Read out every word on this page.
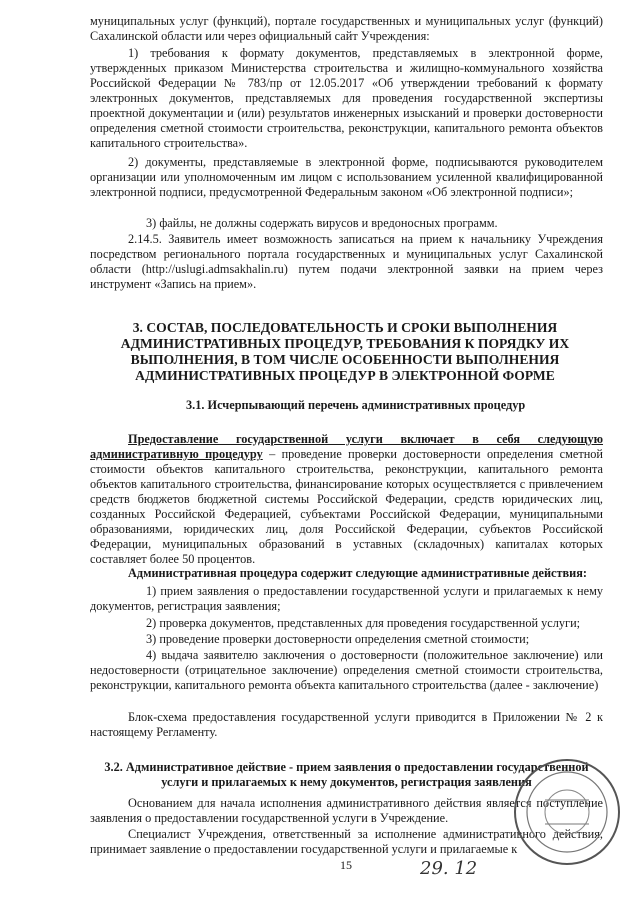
муниципальных услуг (функций), портале государственных и муниципальных услуг (функций) Сахалинской области или через официальный сайт Учреждения:
1) требования к формату документов, представляемых в электронной форме, утвержденных приказом Министерства строительства и жилищно-коммунального хозяйства Российской Федерации № 783/пр от 12.05.2017 «Об утверждении требований к формату электронных документов, представляемых для проведения государственной экспертизы проектной документации и (или) результатов инженерных изысканий и проверки достоверности определения сметной стоимости строительства, реконструкции, капитального ремонта объектов капитального строительства».
2) документы, представляемые в электронной форме, подписываются руководителем организации или уполномоченным им лицом с использованием усиленной квалифицированной электронной подписи, предусмотренной Федеральным законом «Об электронной подписи»;
3) файлы, не должны содержать вирусов и вредоносных программ.
2.14.5. Заявитель имеет возможность записаться на прием к начальнику Учреждения посредством регионального портала государственных и муниципальных услуг Сахалинской области (http://uslugi.admsakhalin.ru) путем подачи электронной заявки на прием через инструмент «Запись на прием».
3. СОСТАВ, ПОСЛЕДОВАТЕЛЬНОСТЬ И СРОКИ ВЫПОЛНЕНИЯ АДМИНИСТРАТИВНЫХ ПРОЦЕДУР, ТРЕБОВАНИЯ К ПОРЯДКУ ИХ ВЫПОЛНЕНИЯ, В ТОМ ЧИСЛЕ ОСОБЕННОСТИ ВЫПОЛНЕНИЯ АДМИНИСТРАТИВНЫХ ПРОЦЕДУР В ЭЛЕКТРОННОЙ ФОРМЕ
3.1. Исчерпывающий перечень административных процедур
Предоставление государственной услуги включает в себя следующую административную процедуру – проведение проверки достоверности определения сметной стоимости объектов капитального строительства, реконструкции, капитального ремонта объектов капитального строительства, финансирование которых осуществляется с привлечением средств бюджетов бюджетной системы Российской Федерации, средств юридических лиц, созданных Российской Федерацией, субъектами Российской Федерации, муниципальными образованиями, юридических лиц, доля Российской Федерации, субъектов Российской Федерации, муниципальных образований в уставных (складочных) капиталах которых составляет более 50 процентов.
Административная процедура содержит следующие административные действия:
1) прием заявления о предоставлении государственной услуги и прилагаемых к нему документов, регистрация заявления;
2) проверка документов, представленных для проведения государственной услуги;
3) проведение проверки достоверности определения сметной стоимости;
4) выдача заявителю заключения о достоверности (положительное заключение) или недостоверности (отрицательное заключение) определения сметной стоимости строительства, реконструкции, капитального ремонта объекта капитального строительства (далее - заключение)
Блок-схема предоставления государственной услуги приводится в Приложении № 2 к настоящему Регламенту.
3.2. Административное действие - прием заявления о предоставлении государственной услуги и прилагаемых к нему документов, регистрация заявления
Основанием для начала исполнения административного действия является поступление заявления о предоставлении государственной услуги в Учреждение.
Специалист Учреждения, ответственный за исполнение административного действия, принимает заявление о предоставлении государственной услуги и прилагаемые к
29. 12
15
